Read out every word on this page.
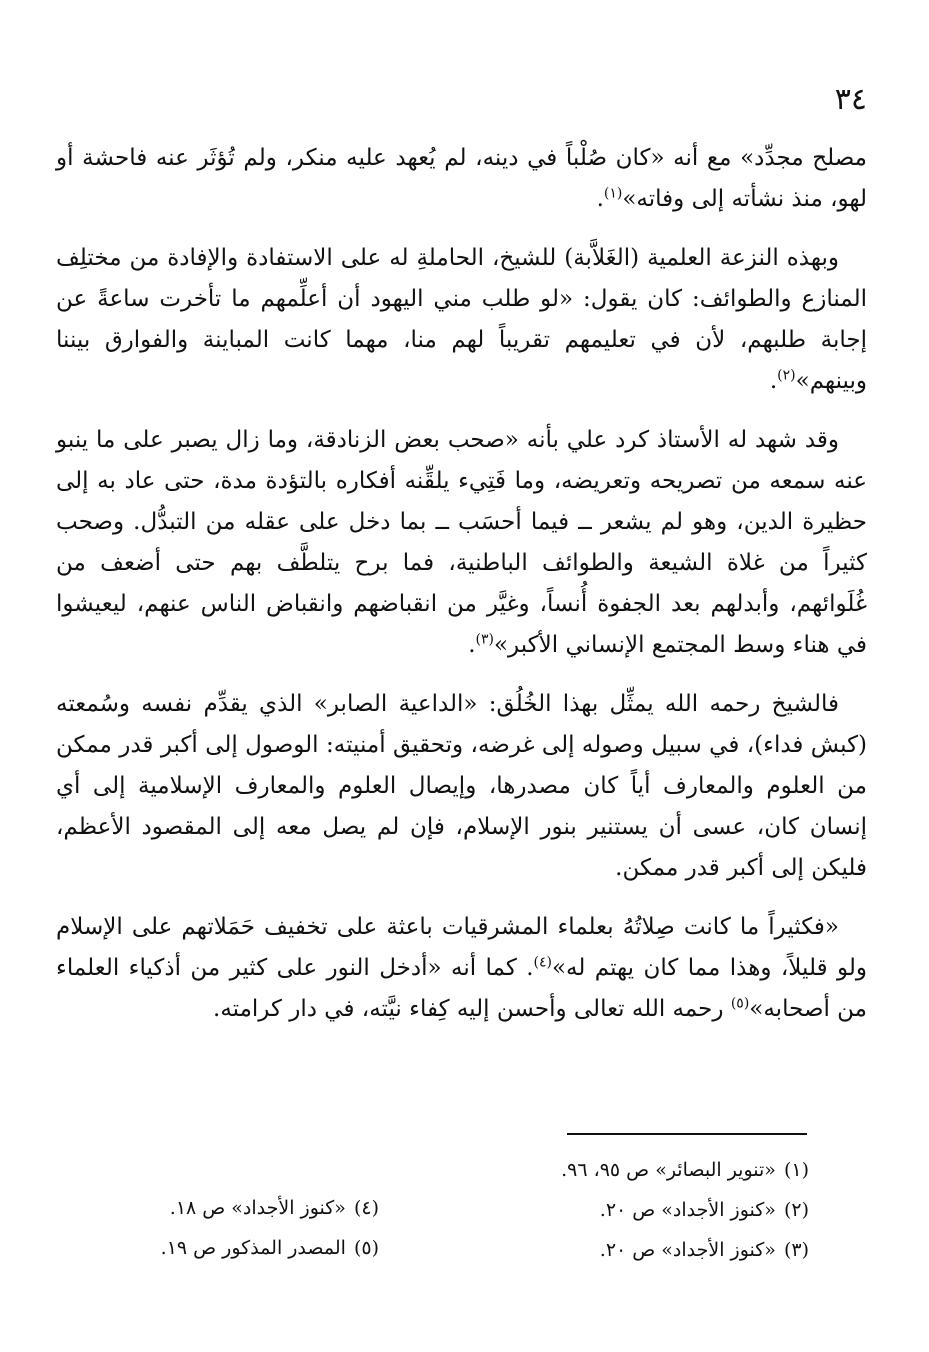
٣٤

مصلح مجدِّد» مع أنه «كان صُلْباً في دينه، لم يُعهد عليه منكر، ولم تُؤثَر عنه فاحشة أو لهو، منذ نشأته إلى وفاته»$^{(١)}$.

وبهذه النزعة العلمية (الغَلاَّبة) للشيخ، الحاملةِ له على الاستفادة والإفادة من مختلِف المنازع والطوائف: كان يقول: «لو طلب مني اليهود أن أعلِّمهم ما تأخرت ساعةً عن إجابة طلبهم، لأن في تعليمهم تقريباً لهم منا، مهما كانت المباينة والفوارق بيننا وبينهم»$^{(٢)}$.

وقد شهد له الأستاذ كرد علي بأنه «صحب بعض الزنادقة، وما زال يصبر على ما ينبو عنه سمعه من تصريحه وتعريضه، وما فَتِيء يلقِّنه أفكاره بالتؤدة مدة، حتى عاد به إلى حظيرة الدين، وهو لم يشعر ــ فيما أحسَب ــ بما دخل على عقله من التبدُّل. وصحب كثيراً من غلاة الشيعة والطوائف الباطنية، فما برح يتلطَّف بهم حتى أضعف من غُلَوائهم، وأبدلهم بعد الجفوة أُنساً، وغيَّر من انقباضهم وانقباض الناس عنهم، ليعيشوا في هناء وسط المجتمع الإنساني الأكبر»$^{(٣)}$.

فالشيخ رحمه الله يمثِّل بهذا الخُلُق: «الداعية الصابر» الذي يقدِّم نفسه وسُمعته (كبش فداء)، في سبيل وصوله إلى غرضه، وتحقيق أمنيته: الوصول إلى أكبر قدر ممكن من العلوم والمعارف أياً كان مصدرها، وإيصال العلوم والمعارف الإسلامية إلى أي إنسان كان، عسى أن يستنير بنور الإسلام، فإن لم يصل معه إلى المقصود الأعظم، فليكن إلى أكبر قدر ممكن.

«فكثيراً ما كانت صِلاتُهُ بعلماء المشرقيات باعثة على تخفيف حَمَلاتهم على الإسلام ولو قليلاً، وهذا مما كان يهتم له»$^{(٤)}$. كما أنه «أدخل النور على كثير من أذكياء العلماء من أصحابه»$^{(٥)}$ رحمه الله تعالى وأحسن إليه كِفاء نيَّته، في دار كرامته.

(١)«تنوير البصائر» ص ٩٥، ٩٦.
(٢)«كنوز الأجداد» ص ٢٠.
(٣)«كنوز الأجداد» ص ٢٠.
(٤)«كنوز الأجداد» ص ١٨.
(٥)المصدر المذكور ص ١٩.
